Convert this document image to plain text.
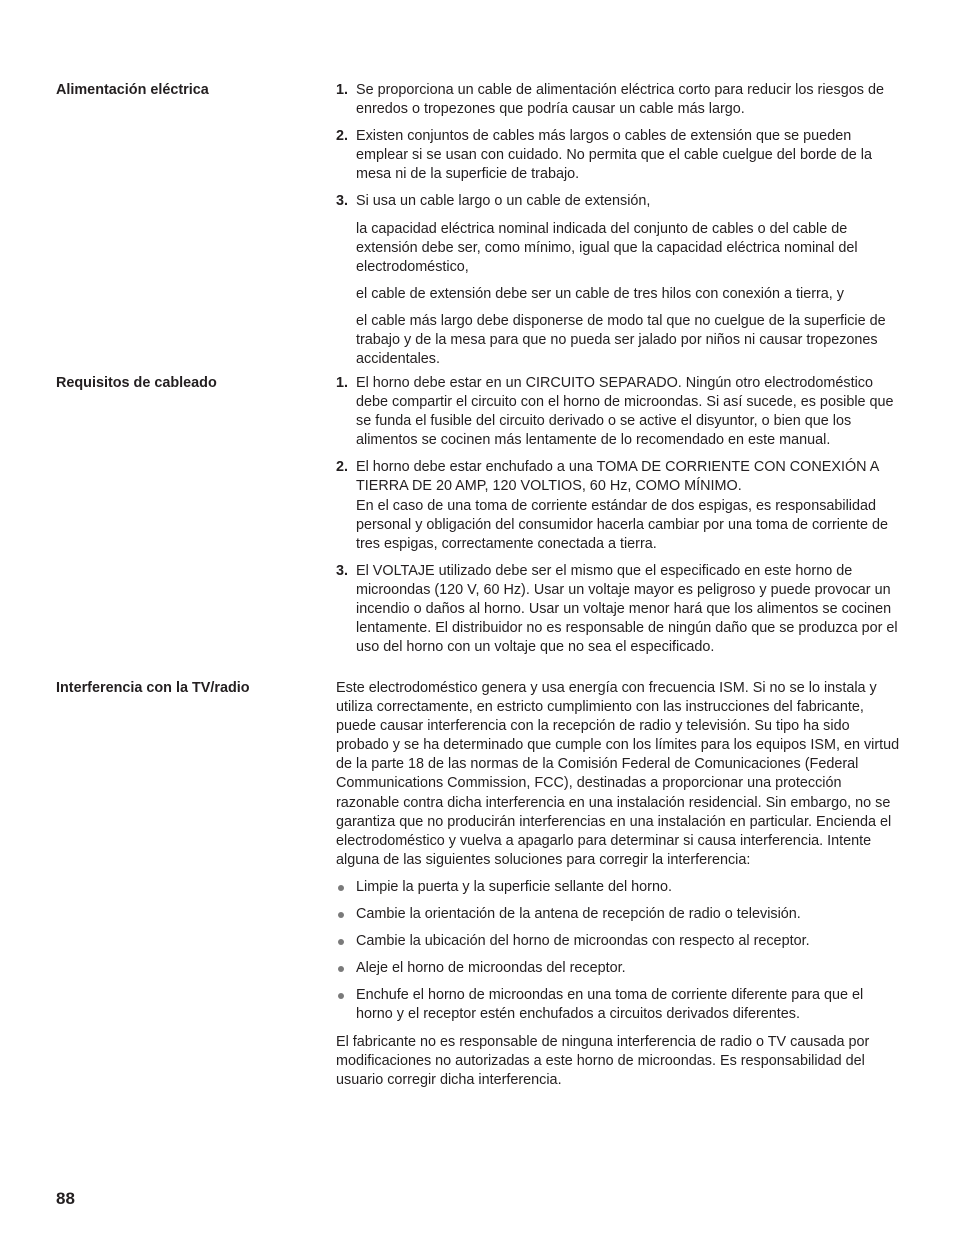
Alimentación eléctrica	1. Se proporciona un cable de alimentación eléctrica corto para reducir los riesgos de enredos o tropezones que podría causar un cable más largo.
2. Existen conjuntos de cables más largos o cables de extensión que se pueden emplear si se usan con cuidado. No permita que el cable cuelgue del borde de la mesa ni de la superficie de trabajo.
3. Si usa un cable largo o un cable de extensión,
la capacidad eléctrica nominal indicada del conjunto de cables o del cable de extensión debe ser, como mínimo, igual que la capacidad eléctrica nominal del electrodoméstico,
el cable de extensión debe ser un cable de tres hilos con conexión a tierra, y
el cable más largo debe disponerse de modo tal que no cuelgue de la superficie de trabajo y de la mesa para que no pueda ser jalado por niños ni causar tropezones accidentales.
Requisitos de cableado	1. El horno debe estar en un CIRCUITO SEPARADO. Ningún otro electrodoméstico debe compartir el circuito con el horno de microondas. Si así sucede, es posible que se funda el fusible del circuito derivado o se active el disyuntor, o bien que los alimentos se cocinen más lentamente de lo recomendado en este manual.
2. El horno debe estar enchufado a una TOMA DE CORRIENTE CON CONEXIÓN A TIERRA DE 20 AMP, 120 VOLTIOS, 60 Hz, COMO MÍNIMO.
En el caso de una toma de corriente estándar de dos espigas, es responsabilidad personal y obligación del consumidor hacerla cambiar por una toma de corriente de tres espigas, correctamente conectada a tierra.
3. El VOLTAJE utilizado debe ser el mismo que el especificado en este horno de microondas (120 V, 60 Hz). Usar un voltaje mayor es peligroso y puede provocar un incendio o daños al horno. Usar un voltaje menor hará que los alimentos se cocinen lentamente. El distribuidor no es responsable de ningún daño que se produzca por el uso del horno con un voltaje que no sea el especificado.
Interferencia con la TV/radio	Este electrodoméstico genera y usa energía con frecuencia ISM. Si no se lo instala y utiliza correctamente, en estricto cumplimiento con las instrucciones del fabricante, puede causar interferencia con la recepción de radio y televisión. Su tipo ha sido probado y se ha determinado que cumple con los límites para los equipos ISM, en virtud de la parte 18 de las normas de la Comisión Federal de Comunicaciones (Federal Communications Commission, FCC), destinadas a proporcionar una protección razonable contra dicha interferencia en una instalación residencial. Sin embargo, no se garantiza que no producirán interferencias en una instalación en particular. Encienda el electrodoméstico y vuelva a apagarlo para determinar si causa interferencia. Intente alguna de las siguientes soluciones para corregir la interferencia:

Limpie la puerta y la superficie sellante del horno.
Cambie la orientación de la antena de recepción de radio o televisión.
Cambie la ubicación del horno de microondas con respecto al receptor.
Aleje el horno de microondas del receptor.
Enchufe el horno de microondas en una toma de corriente diferente para que el horno y el receptor estén enchufados a circuitos derivados diferentes.

El fabricante no es responsable de ninguna interferencia de radio o TV causada por modificaciones no autorizadas a este horno de microondas. Es responsabilidad del usuario corregir dicha interferencia.

88
